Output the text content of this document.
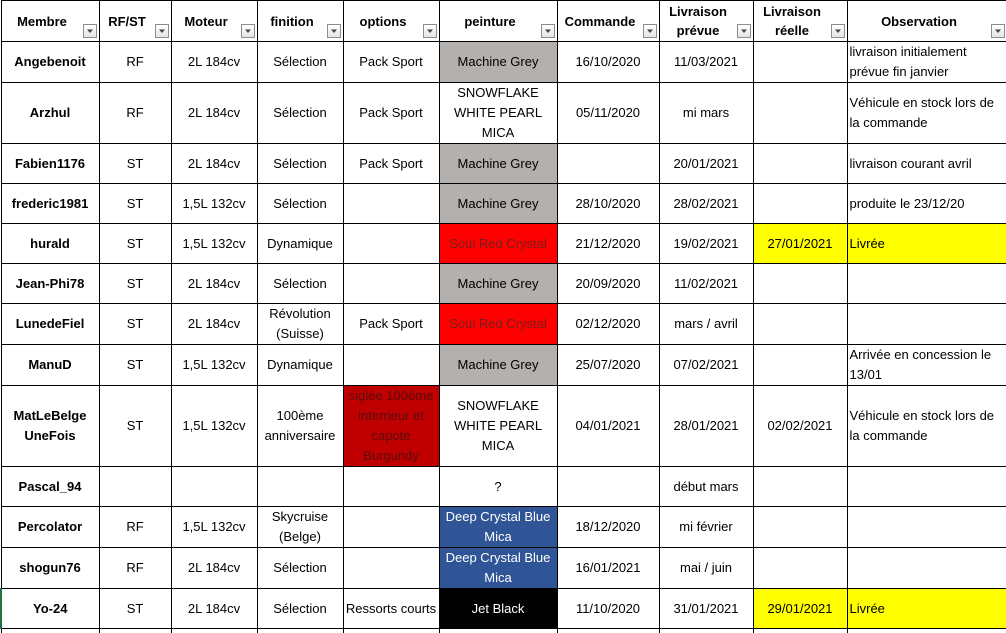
Membre	RF/ST	Moteur	finition	options	peinture	Commande	Livraison prévue	Livraison réelle	Observation

Angebenoit	RF	2L 184cv	Sélection	Pack Sport	Machine Grey	16/10/2020	11/03/2021		livraison initialement prévue fin janvier
Arzhul	RF	2L 184cv	Sélection	Pack Sport	SNOWFLAKE WHITE PEARL MICA	05/11/2020	mi mars		Véhicule en stock lors de la commande
Fabien1176	ST	2L 184cv	Sélection	Pack Sport	Machine Grey		20/01/2021		livraison courant avril
frederic1981	ST	1,5L 132cv	Sélection		Machine Grey	28/10/2020	28/02/2021		produite le 23/12/20
hurald	ST	1,5L 132cv	Dynamique		Soul Red Crystal	21/12/2020	19/02/2021	27/01/2021	Livrée
Jean-Phi78	ST	2L 184cv	Sélection		Machine Grey	20/09/2020	11/02/2021		
LunedeFiel	ST	2L 184cv	Révolution (Suisse)	Pack Sport	Soul Red Crystal	02/12/2020	mars / avril		
ManuD	ST	1,5L 132cv	Dynamique		Machine Grey	25/07/2020	07/02/2021		Arrivée en concession le 13/01
MatLeBelge UneFois	ST	1,5L 132cv	100ème anniversaire	siglée 100ème interrieur et capote Burgundy	SNOWFLAKE WHITE PEARL MICA	04/01/2021	28/01/2021	02/02/2021	Véhicule en stock lors de la commande
Pascal_94					?		début mars		
Percolator	RF	1,5L 132cv	Skycruise (Belge)		Deep Crystal Blue Mica	18/12/2020	mi février		
shogun76	RF	2L 184cv	Sélection		Deep Crystal Blue Mica	16/01/2021	mai / juin		
Yo-24	ST	2L 184cv	Sélection	Ressorts courts	Jet Black	11/10/2020	31/01/2021	29/01/2021	Livrée
